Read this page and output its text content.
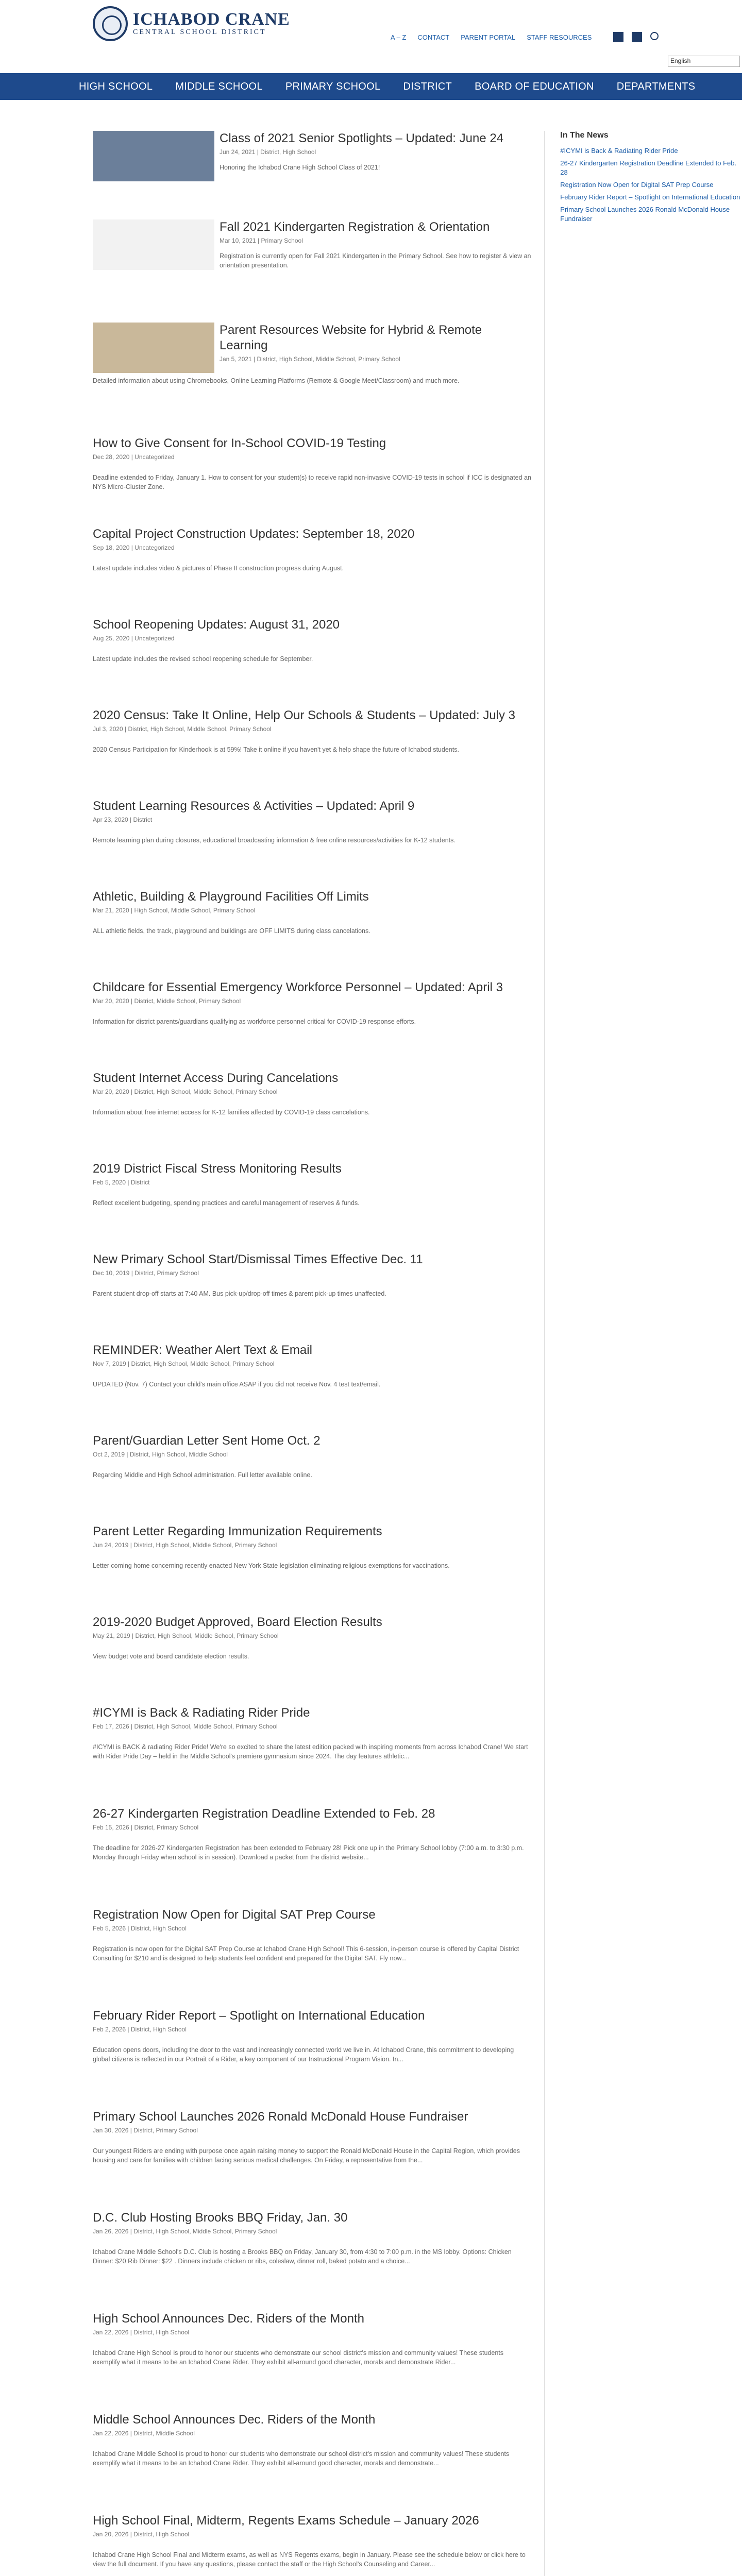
ICHABOD CRANE
CENTRAL SCHOOL DISTRICT
A – Z CONTACT PARENT PORTAL STAFF RESOURCES
English
HIGH SCHOOL MIDDLE SCHOOL PRIMARY SCHOOL DISTRICT BOARD OF EDUCATION DEPARTMENTS
Class of 2021 Senior Spotlights – Updated: June 24
Jun 24, 2021 | District, High School
Honoring the Ichabod Crane High School Class of 2021!
Fall 2021 Kindergarten Registration & Orientation
Mar 10, 2021 | Primary School
Registration is currently open for Fall 2021 Kindergarten in the Primary School. See how to register & view an orientation presentation.
Parent Resources Website for Hybrid & Remote Learning
Jan 5, 2021 | District, High School, Middle School, Primary School
Detailed information about using Chromebooks, Online Learning Platforms (Remote & Google Meet/Classroom) and much more.
How to Give Consent for In-School COVID-19 Testing
Dec 28, 2020 | Uncategorized
Deadline extended to Friday, January 1. How to consent for your student(s) to receive rapid non-invasive COVID-19 tests in school if ICC is designated an NYS Micro-Cluster Zone.
Capital Project Construction Updates: September 18, 2020
Sep 18, 2020 | Uncategorized
Latest update includes video & pictures of Phase II construction progress during August.
School Reopening Updates: August 31, 2020
Aug 25, 2020 | Uncategorized
Latest update includes the revised school reopening schedule for September.
2020 Census: Take It Online, Help Our Schools & Students – Updated: July 3
Jul 3, 2020 | District, High School, Middle School, Primary School
2020 Census Participation for Kinderhook is at 59%! Take it online if you haven't yet & help shape the future of Ichabod students.
Student Learning Resources & Activities – Updated: April 9
Apr 23, 2020 | District
Remote learning plan during closures, educational broadcasting information & free online resources/activities for K-12 students.
Athletic, Building & Playground Facilities Off Limits
Mar 21, 2020 | High School, Middle School, Primary School
ALL athletic fields, the track, playground and buildings are OFF LIMITS during class cancelations.
Childcare for Essential Emergency Workforce Personnel – Updated: April 3
Mar 20, 2020 | District, Middle School, Primary School
Information for district parents/guardians qualifying as workforce personnel critical for COVID-19 response efforts.
Student Internet Access During Cancelations
Mar 20, 2020 | District, High School, Middle School, Primary School
Information about free internet access for K-12 families affected by COVID-19 class cancelations.
2019 District Fiscal Stress Monitoring Results
Feb 5, 2020 | District
Reflect excellent budgeting, spending practices and careful management of reserves & funds.
New Primary School Start/Dismissal Times Effective Dec. 11
Dec 10, 2019 | District, Primary School
Parent student drop-off starts at 7:40 AM. Bus pick-up/drop-off times & parent pick-up times unaffected.
REMINDER: Weather Alert Text & Email
Nov 7, 2019 | District, High School, Middle School, Primary School
UPDATED (Nov. 7) Contact your child's main office ASAP if you did not receive Nov. 4 test text/email.
Parent/Guardian Letter Sent Home Oct. 2
Oct 2, 2019 | District, High School, Middle School
Regarding Middle and High School administration. Full letter available online.
Parent Letter Regarding Immunization Requirements
Jun 24, 2019 | District, High School, Middle School, Primary School
Letter coming home concerning recently enacted New York State legislation eliminating religious exemptions for vaccinations.
2019-2020 Budget Approved, Board Election Results
May 21, 2019 | District, High School, Middle School, Primary School
View budget vote and board candidate election results.
#ICYMI is Back & Radiating Rider Pride
Feb 17, 2026 | District, High School, Middle School, Primary School
#ICYMI is BACK & radiating Rider Pride! We're so excited to share the latest edition packed with inspiring moments from across Ichabod Crane! We start with Rider Pride Day – held in the Middle School's premiere gymnasium since 2024. The day features athletic...
26-27 Kindergarten Registration Deadline Extended to Feb. 28
Feb 15, 2026 | District, Primary School
The deadline for 2026-27 Kindergarten Registration has been extended to February 28! Pick one up in the Primary School lobby (7:00 a.m. to 3:30 p.m. Monday through Friday when school is in session). Download a packet from the district website...
Registration Now Open for Digital SAT Prep Course
Feb 5, 2026 | District, High School
Registration is now open for the Digital SAT Prep Course at Ichabod Crane High School! This 6-session, in-person course is offered by Capital District Consulting for $210 and is designed to help students feel confident and prepared for the Digital SAT. Fly now...
February Rider Report – Spotlight on International Education
Feb 2, 2026 | District, High School
Education opens doors, including the door to the vast and increasingly connected world we live in. At Ichabod Crane, this commitment to developing global citizens is reflected in our Portrait of a Rider, a key component of our Instructional Program Vision. In...
Primary School Launches 2026 Ronald McDonald House Fundraiser
Jan 30, 2026 | District, Primary School
Our youngest Riders are ending with purpose once again raising money to support the Ronald McDonald House in the Capital Region, which provides housing and care for families with children facing serious medical challenges. On Friday, a representative from the...
D.C. Club Hosting Brooks BBQ Friday, Jan. 30
Jan 26, 2026 | District, High School, Middle School, Primary School
Ichabod Crane Middle School's D.C. Club is hosting a Brooks BBQ on Friday, January 30, from 4:30 to 7:00 p.m. in the MS lobby. Options: Chicken Dinner: $20 Rib Dinner: $22 . Dinners include chicken or ribs, coleslaw, dinner roll, baked potato and a choice...
High School Announces Dec. Riders of the Month
Jan 22, 2026 | District, High School
Ichabod Crane High School is proud to honor our students who demonstrate our school district's mission and community values! These students exemplify what it means to be an Ichabod Crane Rider. They exhibit all-around good character, morals and demonstrate Rider...
Middle School Announces Dec. Riders of the Month
Jan 22, 2026 | District, Middle School
Ichabod Crane Middle School is proud to honor our students who demonstrate our school district's mission and community values! These students exemplify what it means to be an Ichabod Crane Rider. They exhibit all-around good character, morals and demonstrate...
High School Final, Midterm, Regents Exams Schedule – January 2026
Jan 20, 2026 | District, High School
Ichabod Crane High School Final and Midterm exams, as well as NYS Regents exams, begin in January. Please see the schedule below or click here to view the full document. If you have any questions, please contact the staff or the High School's Counseling and Career...
In The News
#ICYMI is Back & Radiating Rider Pride
26-27 Kindergarten Registration Deadline Extended to Feb. 28
Registration Now Open for Digital SAT Prep Course
February Rider Report – Spotlight on International Education
Primary School Launches 2026 Ronald McDonald House Fundraiser
